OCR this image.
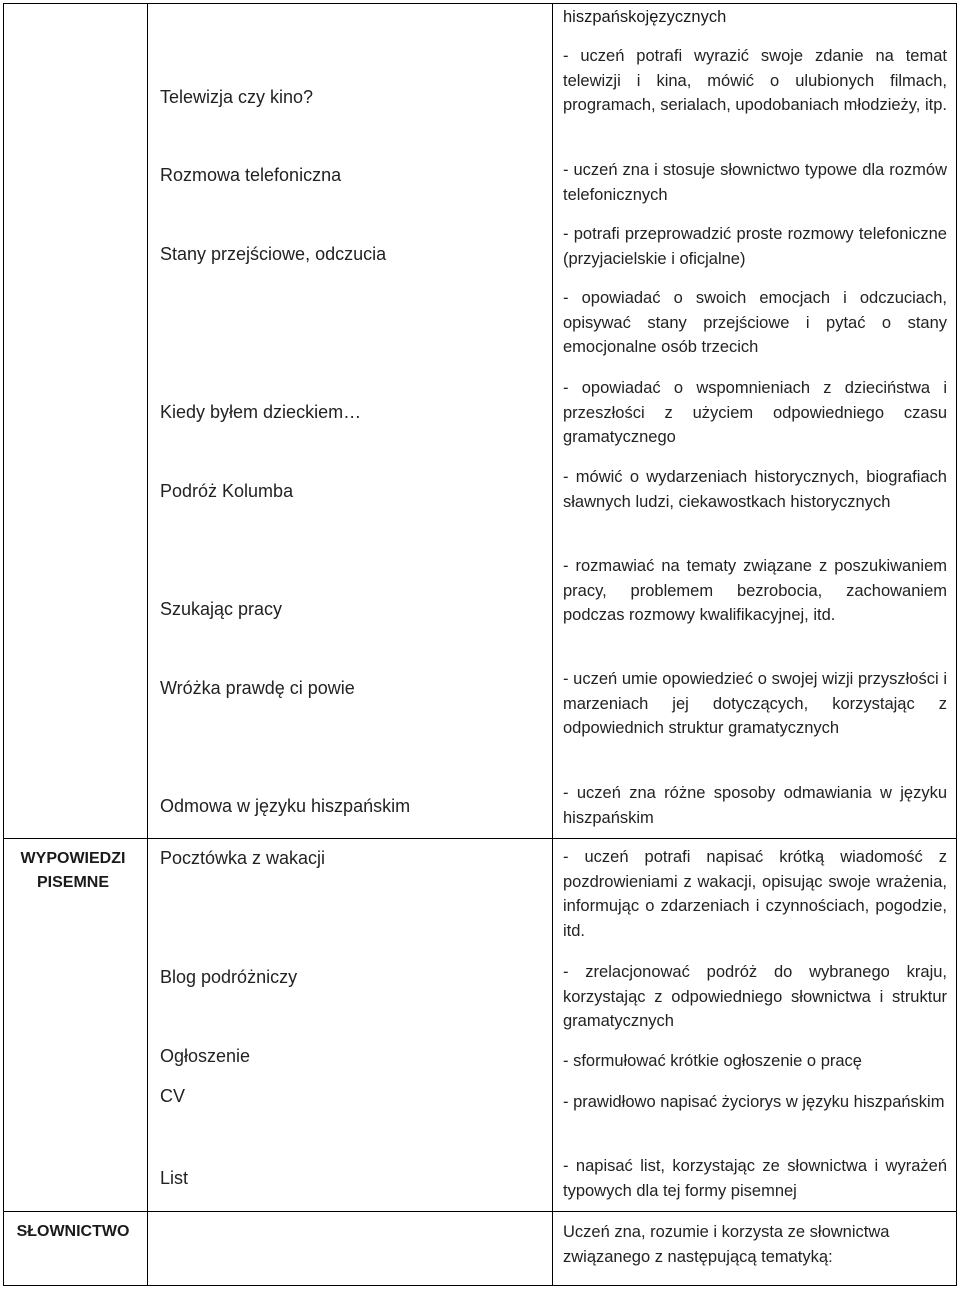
WYPOWIEDZI PISEMNE
SŁOWNICTWO
hiszpańskojęzycznych
Telewizja czy kino?
Rozmowa telefoniczna
Stany przejściowe, odczucia
Kiedy byłem dzieckiem…
Podróż Kolumba
Szukając pracy
Wróżka prawdę ci powie
Odmowa w języku hiszpańskim
Pocztówka z wakacji
Blog podróżniczy
Ogłoszenie
CV
List
- uczeń potrafi wyrazić swoje zdanie na temat telewizji i kina, mówić o ulubionych filmach, programach, serialach, upodobaniach młodzieży, itp.
- uczeń zna i stosuje słownictwo typowe dla rozmów telefonicznych
- potrafi przeprowadzić proste rozmowy telefoniczne (przyjacielskie i oficjalne)
- opowiadać o swoich emocjach i odczuciach, opisywać stany przejściowe i pytać o stany emocjonalne osób trzecich
- opowiadać o wspomnieniach z dzieciństwa i przeszłości z użyciem odpowiedniego czasu gramatycznego
- mówić o wydarzeniach historycznych, biografiach sławnych ludzi, ciekawostkach historycznych
- rozmawiać na tematy związane z poszukiwaniem pracy, problemem bezrobocia, zachowaniem podczas rozmowy kwalifikacyjnej, itd.
- uczeń umie opowiedzieć o swojej wizji przyszłości i marzeniach jej dotyczących, korzystając z odpowiednich struktur gramatycznych
- uczeń zna różne sposoby odmawiania w języku hiszpańskim
- uczeń potrafi napisać krótką wiadomość z pozdrowieniami z wakacji, opisując swoje wrażenia, informując o zdarzeniach i czynnościach, pogodzie, itd.
- zrelacjonować podróż do wybranego kraju, korzystając z odpowiedniego słownictwa i struktur gramatycznych
- sformułować krótkie ogłoszenie o pracę
- prawidłowo napisać życiorys w języku hiszpańskim
- napisać list, korzystając ze słownictwa i wyrażeń typowych dla tej formy pisemnej
Uczeń zna, rozumie i korzysta ze słownictwa związanego z następującą tematyką:
